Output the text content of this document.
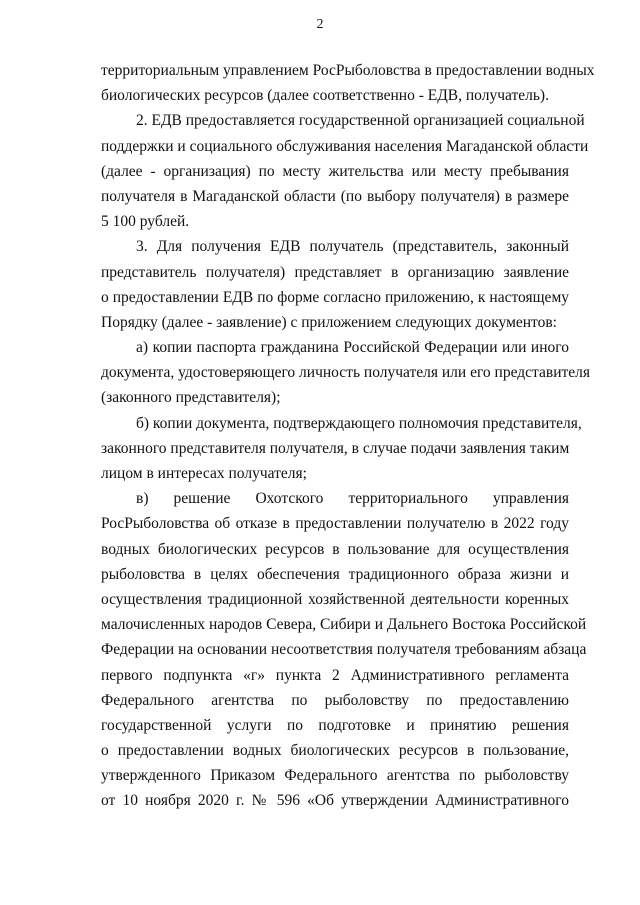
2
территориальным управлением РосРыболовства в предоставлении водных
биологических ресурсов (далее соответственно - ЕДВ, получатель).
2. ЕДВ предоставляется государственной организацией социальной
поддержки и социального обслуживания населения Магаданской области
(далее - организация) по месту жительства или месту пребывания
получателя в Магаданской области (по выбору получателя) в размере
5 100 рублей.
3. Для получения ЕДВ получатель (представитель, законный
представитель получателя) представляет в организацию заявление
о предоставлении ЕДВ по форме согласно приложению, к настоящему
Порядку (далее - заявление) с приложением следующих документов:
а) копии паспорта гражданина Российской Федерации или иного
документа, удостоверяющего личность получателя или его представителя
(законного представителя);
б) копии документа, подтверждающего полномочия представителя,
законного представителя получателя, в случае подачи заявления таким
лицом в интересах получателя;
в) решение Охотского территориального управления
РосРыболовства об отказе в предоставлении получателю в 2022 году
водных биологических ресурсов в пользование для осуществления
рыболовства в целях обеспечения традиционного образа жизни и
осуществления традиционной хозяйственной деятельности коренных
малочисленных народов Севера, Сибири и Дальнего Востока Российской
Федерации на основании несоответствия получателя требованиям абзаца
первого подпункта «г» пункта 2 Административного регламента
Федерального агентства по рыболовству по предоставлению
государственной услуги по подготовке и принятию решения
о предоставлении водных биологических ресурсов в пользование,
утвержденного Приказом Федерального агентства по рыболовству
от 10 ноября 2020 г. № 596 «Об утверждении Административного
